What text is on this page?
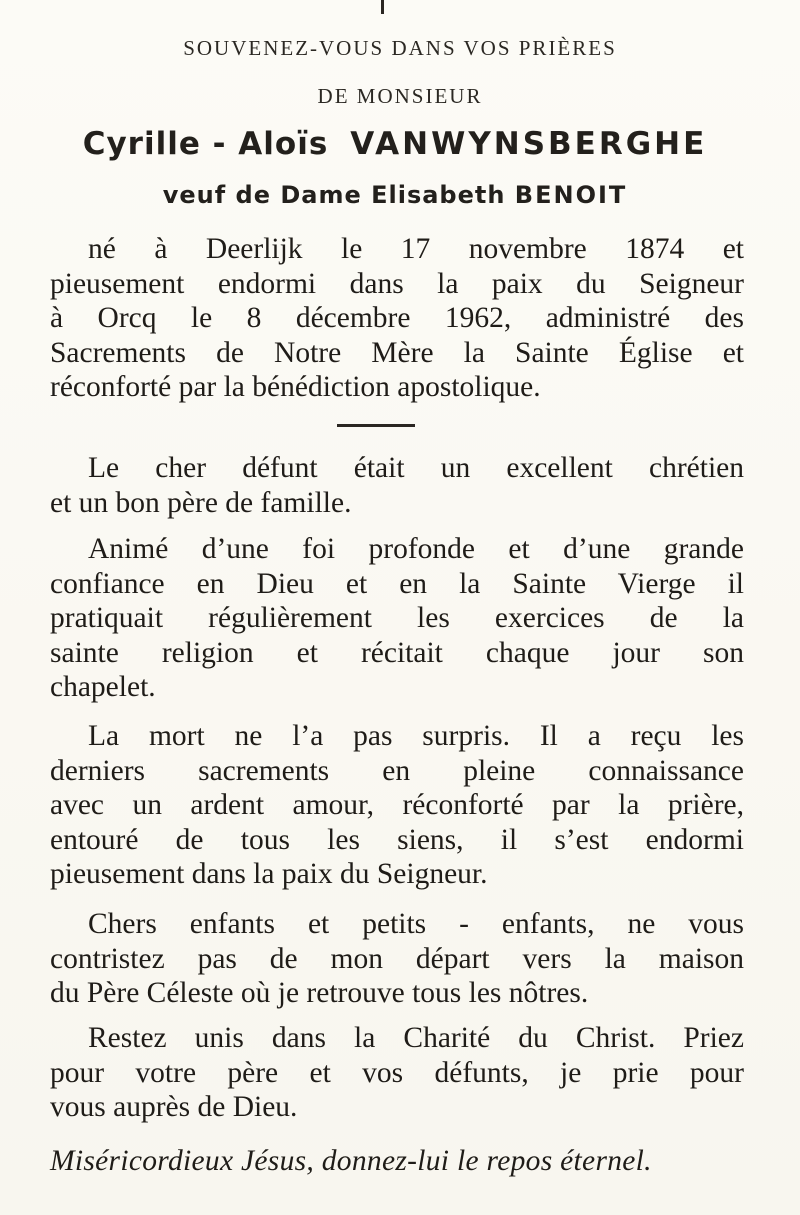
SOUVENEZ-VOUS DANS VOS PRIÈRES
DE MONSIEUR
Cyrille - Aloïs VANWYNSBERGHE
veuf de Dame Elisabeth BENOIT
né à Deerlijk le 17 novembre 1874 et
pieusement endormi dans la paix du Seigneur
à Orcq le 8 décembre 1962, administré des
Sacrements de Notre Mère la Sainte Église et
réconforté par la bénédiction apostolique.
Le cher défunt était un excellent chrétien
et un bon père de famille.
Animé d’une foi profonde et d’une grande
confiance en Dieu et en la Sainte Vierge il
pratiquait régulièrement les exercices de la
sainte religion et récitait chaque jour son
chapelet.
La mort ne l’a pas surpris. Il a reçu les
derniers sacrements en pleine connaissance
avec un ardent amour, réconforté par la prière,
entouré de tous les siens, il s’est endormi
pieusement dans la paix du Seigneur.
Chers enfants et petits - enfants, ne vous
contristez pas de mon départ vers la maison
du Père Céleste où je retrouve tous les nôtres.
Restez unis dans la Charité du Christ. Priez
pour votre père et vos défunts, je prie pour
vous auprès de Dieu.
Miséricordieux Jésus, donnez-lui le repos éternel.
